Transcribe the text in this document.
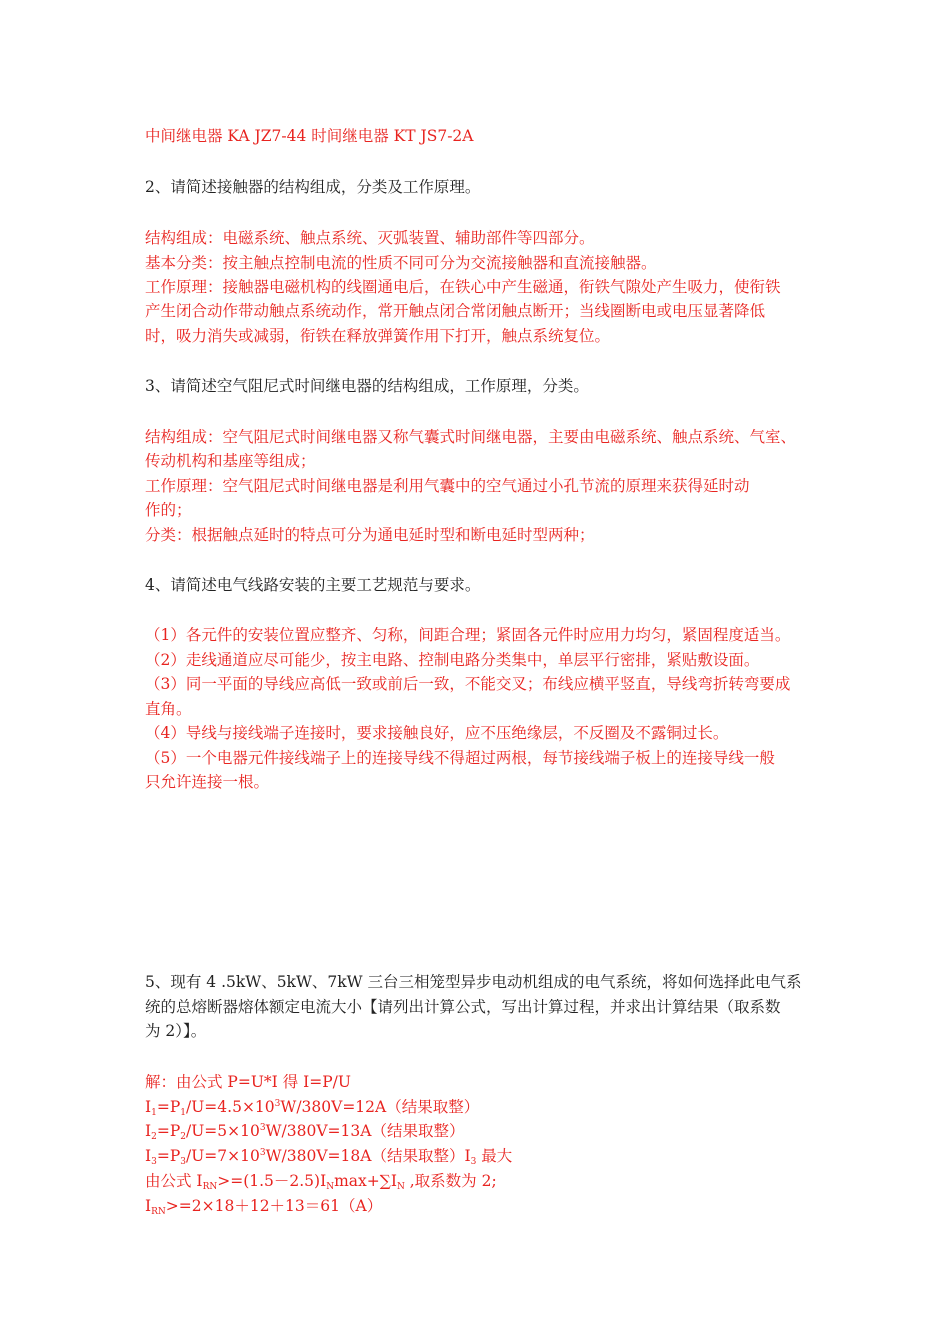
中间继电器 KA JZ7-44 时间继电器 KT JS7-2A
2、请简述接触器的结构组成，分类及工作原理。
结构组成：电磁系统、触点系统、灭弧装置、辅助部件等四部分。
基本分类：按主触点控制电流的性质不同可分为交流接触器和直流接触器。
工作原理：接触器电磁机构的线圈通电后，在铁心中产生磁通，衔铁气隙处产生吸力，使衔铁
产生闭合动作带动触点系统动作，常开触点闭合常闭触点断开；当线圈断电或电压显著降低
时，吸力消失或减弱，衔铁在释放弹簧作用下打开，触点系统复位。
3、请简述空气阻尼式时间继电器的结构组成，工作原理，分类。
结构组成：空气阻尼式时间继电器又称气囊式时间继电器，主要由电磁系统、触点系统、气室、
传动机构和基座等组成；
工作原理：空气阻尼式时间继电器是利用气囊中的空气通过小孔节流的原理来获得延时动
作的；
分类：根据触点延时的特点可分为通电延时型和断电延时型两种；
4、请简述电气线路安装的主要工艺规范与要求。
（1）各元件的安装位置应整齐、匀称，间距合理；紧固各元件时应用力均匀，紧固程度适当。
（2）走线通道应尽可能少，按主电路、控制电路分类集中，单层平行密排，紧贴敷设面。
（3）同一平面的导线应高低一致或前后一致，不能交叉；布线应横平竖直，导线弯折转弯要成
直角。
（4）导线与接线端子连接时，要求接触良好，应不压绝缘层，不反圈及不露铜过长。
（5）一个电器元件接线端子上的连接导线不得超过两根，每节接线端子板上的连接导线一般
只允许连接一根。
5、现有 4 .5kW、5kW、7kW 三台三相笼型异步电动机组成的电气系统，将如何选择此电气系
统的总熔断器熔体额定电流大小【请列出计算公式，写出计算过程，并求出计算结果（取系数
为 2）】。
解：由公式 P=U*I 得 I=P/U
$I_1=P_1/U=4.5\times 10^3W/380V=12A$（结果取整）
$I_2=P_2/U=5\times 10^3W/380V=13A$（结果取整）
$I_3=P_3/U=7\times 10^3W/380V=18A$（结果取整）$I_3$ 最大
由公式 $I_{RN}>=(1.5-2.5)I_N\max+\sum I_N$ ,取系数为 2;
$I_{RN}>=2\times 18+12+13=61(A)$
